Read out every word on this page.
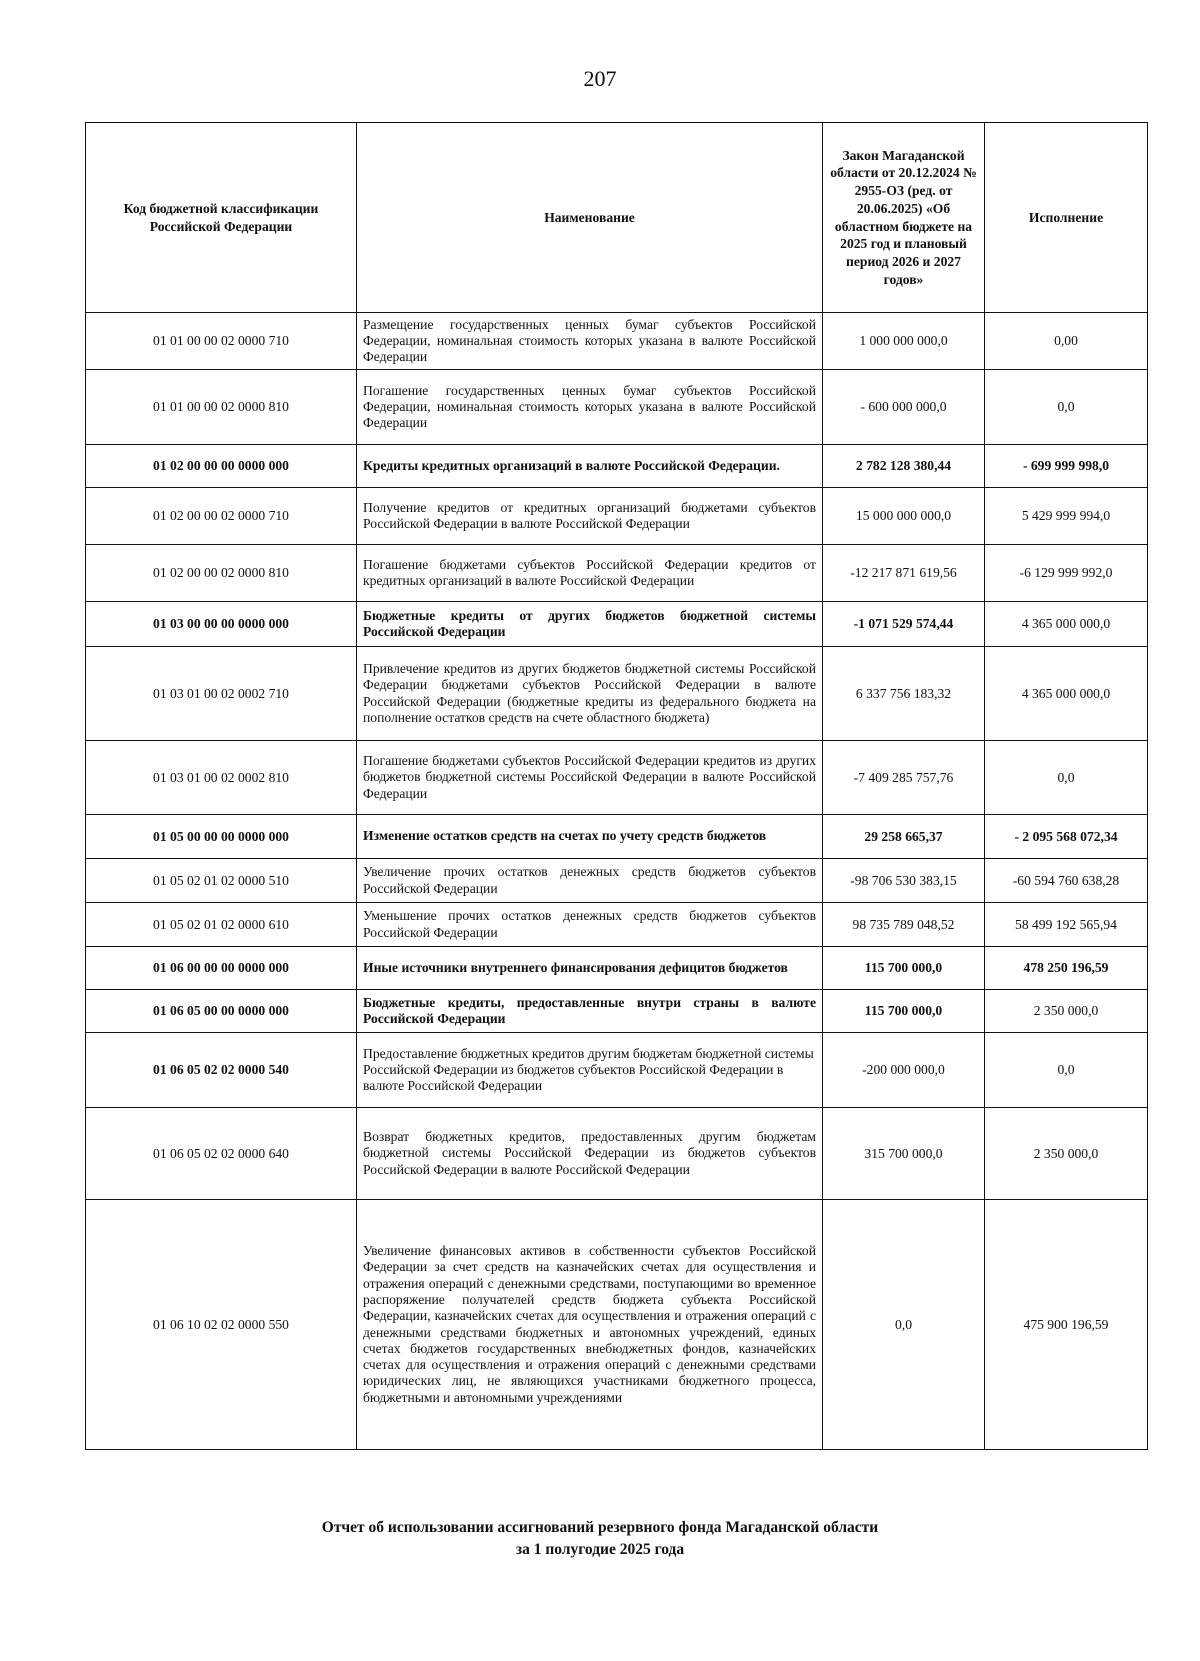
207
Код бюджетной классификации Российской Федерации	Наименование	Закон Магаданской области от 20.12.2024 № 2955-ОЗ (ред. от 20.06.2025) «Об областном бюджете на 2025 год и плановый период 2026 и 2027 годов»	Исполнение
01 01 00 00 02 0000 710	Размещение государственных ценных бумаг субъектов Российской Федерации, номинальная стоимость которых указана в валюте Российской Федерации	1 000 000 000,0	0,00
01 01 00 00 02 0000 810	Погашение государственных ценных бумаг субъектов Российской Федерации, номинальная стоимость которых указана в валюте Российской Федерации	- 600 000 000,0	0,0
01 02 00 00 00 0000 000	Кредиты кредитных организаций в валюте Российской Федерации.	2 782 128 380,44	- 699 999 998,0
01 02 00 00 02 0000 710	Получение кредитов от кредитных организаций бюджетами субъектов Российской Федерации в валюте Российской Федерации	15 000 000 000,0	5 429 999 994,0
01 02 00 00 02 0000 810	Погашение бюджетами субъектов Российской Федерации кредитов от кредитных организаций в валюте Российской Федерации	-12 217 871 619,56	-6 129 999 992,0
01 03 00 00 00 0000 000	Бюджетные кредиты от других бюджетов бюджетной системы Российской Федерации	-1 071 529 574,44	4 365 000 000,0
01 03 01 00 02 0002 710	Привлечение кредитов из других бюджетов бюджетной системы Российской Федерации бюджетами субъектов Российской Федерации в валюте Российской Федерации (бюджетные кредиты из федерального бюджета на пополнение остатков средств на счете областного бюджета)	6 337 756 183,32	4 365 000 000,0
01 03 01 00 02 0002 810	Погашение бюджетами субъектов Российской Федерации кредитов из других бюджетов бюджетной системы Российской Федерации в валюте Российской Федерации	-7 409 285 757,76	0,0
01 05 00 00 00 0000 000	Изменение остатков средств на счетах по учету средств бюджетов	29 258 665,37	- 2 095 568 072,34
01 05 02 01 02 0000 510	Увеличение прочих остатков денежных средств бюджетов субъектов Российской Федерации	-98 706 530 383,15	-60 594 760 638,28
01 05 02 01 02 0000 610	Уменьшение прочих остатков денежных средств бюджетов субъектов Российской Федерации	98 735 789 048,52	58 499 192 565,94
01 06 00 00 00 0000 000	Иные источники внутреннего финансирования дефицитов бюджетов	115 700 000,0	478 250 196,59
01 06 05 00 00 0000 000	Бюджетные кредиты, предоставленные внутри страны в валюте Российской Федерации	115 700 000,0	2 350 000,0
01 06 05 02 02 0000 540	Предоставление бюджетных кредитов другим бюджетам бюджетной системы Российской Федерации из бюджетов субъектов Российской Федерации в валюте Российской Федерации	-200 000 000,0	0,0
01 06 05 02 02 0000 640	Возврат бюджетных кредитов, предоставленных другим бюджетам бюджетной системы Российской Федерации из бюджетов субъектов Российской Федерации в валюте Российской Федерации	315 700 000,0	2 350 000,0
01 06 10 02 02 0000 550	Увеличение финансовых активов в собственности субъектов Российской Федерации за счет средств на казначейских счетах для осуществления и отражения операций с денежными средствами, поступающими во временное распоряжение получателей средств бюджета субъекта Российской Федерации, казначейских счетах для осуществления и отражения операций с денежными средствами бюджетных и автономных учреждений, единых счетах бюджетов государственных внебюджетных фондов, казначейских счетах для осуществления и отражения операций с денежными средствами юридических лиц, не являющихся участниками бюджетного процесса, бюджетными и автономными учреждениями	0,0	475 900 196,59
Отчет об использовании ассигнований резервного фонда Магаданской области
за 1 полугодие 2025 года
